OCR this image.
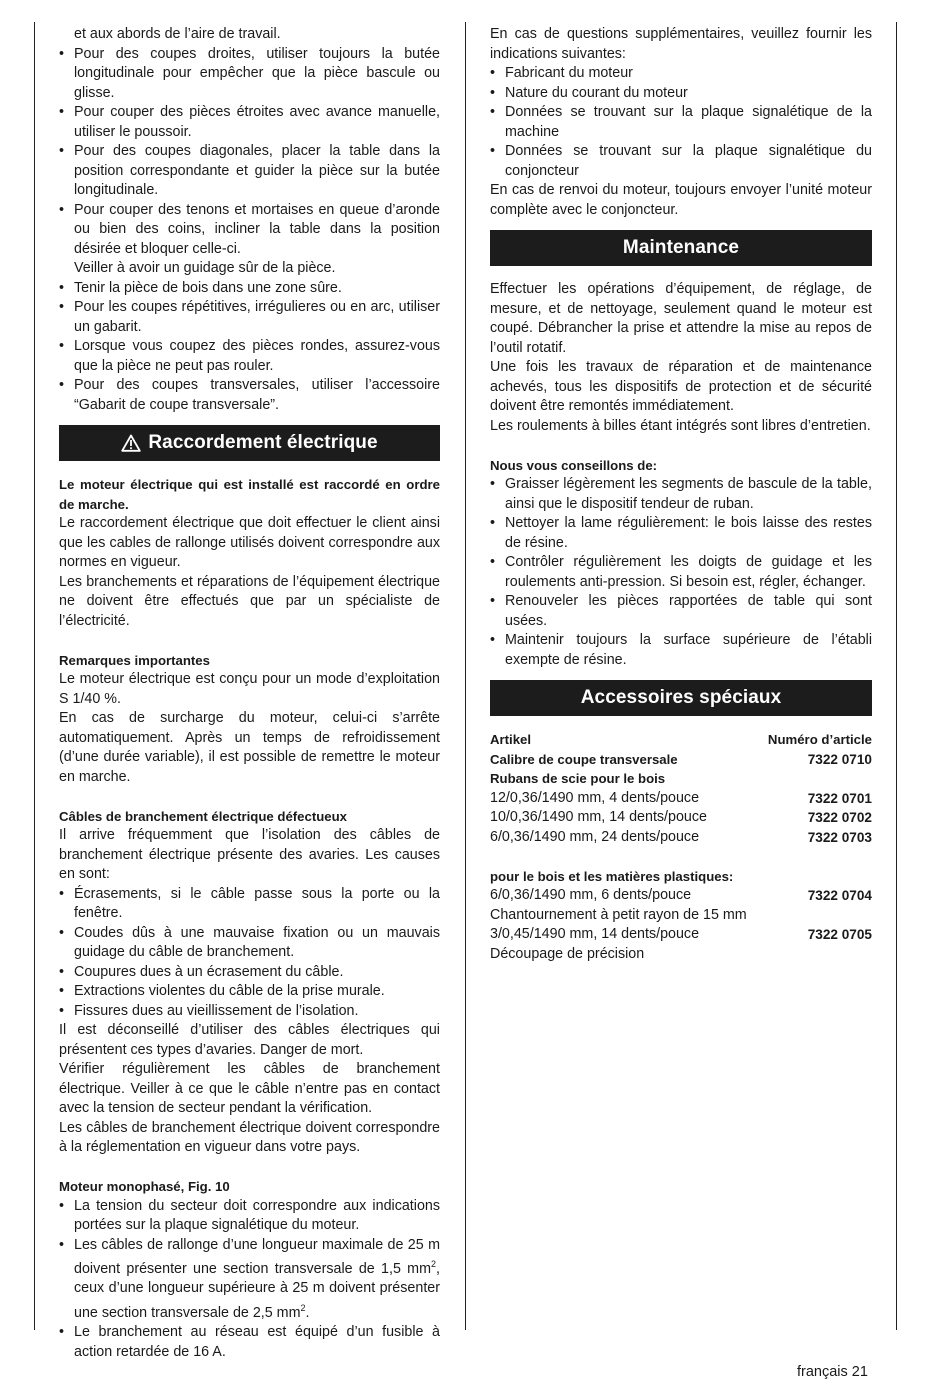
et aux abords de l’aire de travail.

• Pour des coupes droites, utiliser toujours la butée longitudinale pour empêcher que la pièce bascule ou glisse.
• Pour couper des pièces étroites avec avance manuelle, utiliser le poussoir.
• Pour des coupes diagonales, placer la table dans la position correspondante et guider la pièce sur la butée longitudinale.
• Pour couper des tenons et mortaises en queue d’aronde ou bien des coins, incliner la table dans la position désirée et bloquer celle-ci.

Veiller à avoir un guidage sûr de la pièce.

• Tenir la pièce de bois dans une zone sûre.
• Pour les coupes répétitives, irrégulieres ou en arc, utiliser un gabarit.
• Lorsque vous coupez des pièces rondes, assurez-vous que la pièce ne peut pas rouler.
• Pour des coupes transversales, utiliser l’accessoire “Gabarit de coupe transversale”.
Raccordement électrique

Le moteur électrique qui est installé est raccordé en ordre de marche.

Le raccordement électrique que doit effectuer le client ainsi que les cables de rallonge utilisés doivent correspondre aux normes en vigueur.

Les branchements et réparations de l’équipement électrique ne doivent être effectués que par un spécialiste de l’électricité.

Remarques importantes

Le moteur électrique est conçu pour un mode d’exploitation S 1/40 %.

En cas de surcharge du moteur, celui-ci s’arrête automatiquement. Après un temps de refroidissement (d’une durée variable), il est possible de remettre le moteur en marche.

Câbles de branchement électrique défectueux

Il arrive fréquemment que l’isolation des câbles de branchement électrique présente des avaries. Les causes en sont:

• Écrasements, si le câble passe sous la porte ou la fenêtre.
• Coudes dûs à une mauvaise fixation ou un mauvais guidage du câble de branchement.
• Coupures dues à un écrasement du câble.
• Extractions violentes du câble de la prise murale.
• Fissures dues au vieillissement de l’isolation.

Il est déconseillé d’utiliser des câbles électriques qui présentent ces types d’avaries. Danger de mort.

Vérifier régulièrement les câbles de branchement électrique. Veiller à ce que le câble n’entre pas en contact avec la tension de secteur pendant la vérification.

Les câbles de branchement électrique doivent correspondre à la réglementation en vigueur dans votre pays.

Moteur monophasé, Fig. 10

• La tension du secteur doit correspondre aux indications portées sur la plaque signalétique du moteur.
• Les câbles de rallonge d’une longueur maximale de 25 m doivent présenter une section transversale de 1,5 $mm^2$, ceux d’une longueur supérieure à 25 m doivent présenter une section transversale de 2,5 $mm^2$.
• Le branchement au réseau est équipé d’un fusible à action retardée de 16 A.

En cas de questions supplémentaires, veuillez fournir les indications suivantes:

• Fabricant du moteur
• Nature du courant du moteur
• Données se trouvant sur la plaque signalétique de la machine
• Données se trouvant sur la plaque signalétique du conjoncteur

En cas de renvoi du moteur, toujours envoyer l’unité moteur complète avec le conjoncteur.

Maintenance

Effectuer les opérations d’équipement, de réglage, de mesure, et de nettoyage, seulement quand le moteur est coupé. Débrancher la prise et attendre la mise au repos de l’outil rotatif.

Une fois les travaux de réparation et de maintenance achevés, tous les dispositifs de protection et de sécurité doivent être remontés immédiatement.

Les roulements à billes étant intégrés sont libres d’entretien.

Nous vous conseillons de:

• Graisser légèrement les segments de bascule de la table, ainsi que le dispositif tendeur de ruban.
• Nettoyer la lame régulièrement: le bois laisse des restes de résine.
• Contrôler régulièrement les doigts de guidage et les roulements anti-pression. Si besoin est, régler, échanger.
• Renouveler les pièces rapportées de table qui sont usées.
• Maintenir toujours la surface supérieure de l’établi exempte de résine.
Accessoires spéciaux
Artikel	Numéro d’article
Calibre de coupe transversale	7322 0710
Rubans de scie pour le bois
12/0,36/1490 mm, 4 dents/pouce	7322 0701
10/0,36/1490 mm, 14 dents/pouce	7322 0702
6/0,36/1490 mm, 24 dents/pouce	7322 0703
pour le bois et les matières plastiques:
6/0,36/1490 mm, 6 dents/pouce	7322 0704
Chantournement à petit rayon de 15 mm
3/0,45/1490 mm, 14 dents/pouce	7322 0705
Découpage de précision
français 21
